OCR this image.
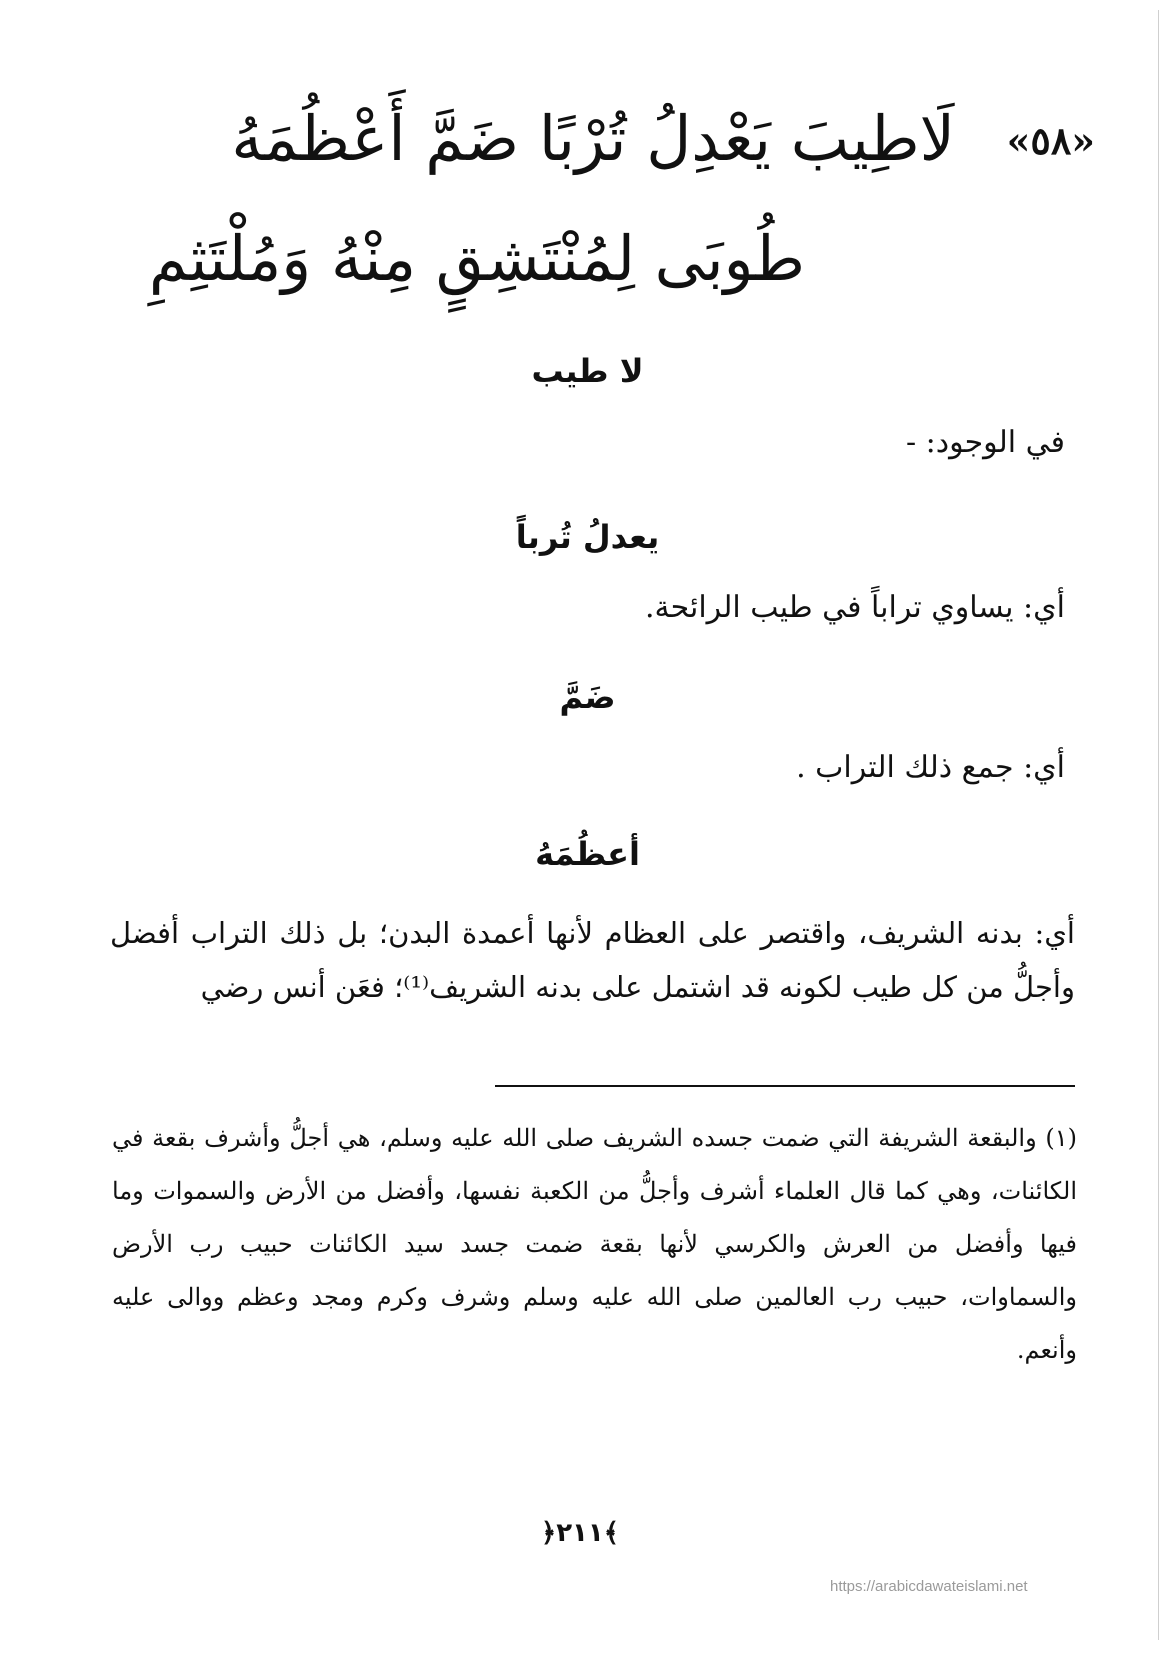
«٥٨»
لَاطِيبَ يَعْدِلُ تُرْبًا ضَمَّ أَعْظُمَهُ
طُوبَى لِمُنْتَشِقٍ مِنْهُ وَمُلْتَثِمِ
لا طيب
في الوجود: -
يعدلُ تُرباً
أي: يساوي تراباً في طيب الرائحة.
ضَمَّ
أي: جمع ذلك التراب .
أعظُمَهُ
أي: بدنه الشريف، واقتصر على العظام لأنها أعمدة البدن؛ بل ذلك التراب أفضل وأجلُّ من كل طيب لكونه قد اشتمل على بدنه الشريف⁽¹⁾؛ فعَن أنس رضي
(١) والبقعة الشريفة التي ضمت جسده الشريف صلى الله عليه وسلم، هي أجلُّ وأشرف بقعة في الكائنات، وهي كما قال العلماء أشرف وأجلُّ من الكعبة نفسها، وأفضل من الأرض والسموات وما فيها وأفضل من العرش والكرسي لأنها بقعة ضمت جسد سيد الكائنات حبيب رب الأرض والسماوات، حبيب رب العالمين صلى الله عليه وسلم وشرف وكرم ومجد وعظم ووالى عليه وأنعم.
﴿٢١١﴾
https://arabicdawateislami.net
